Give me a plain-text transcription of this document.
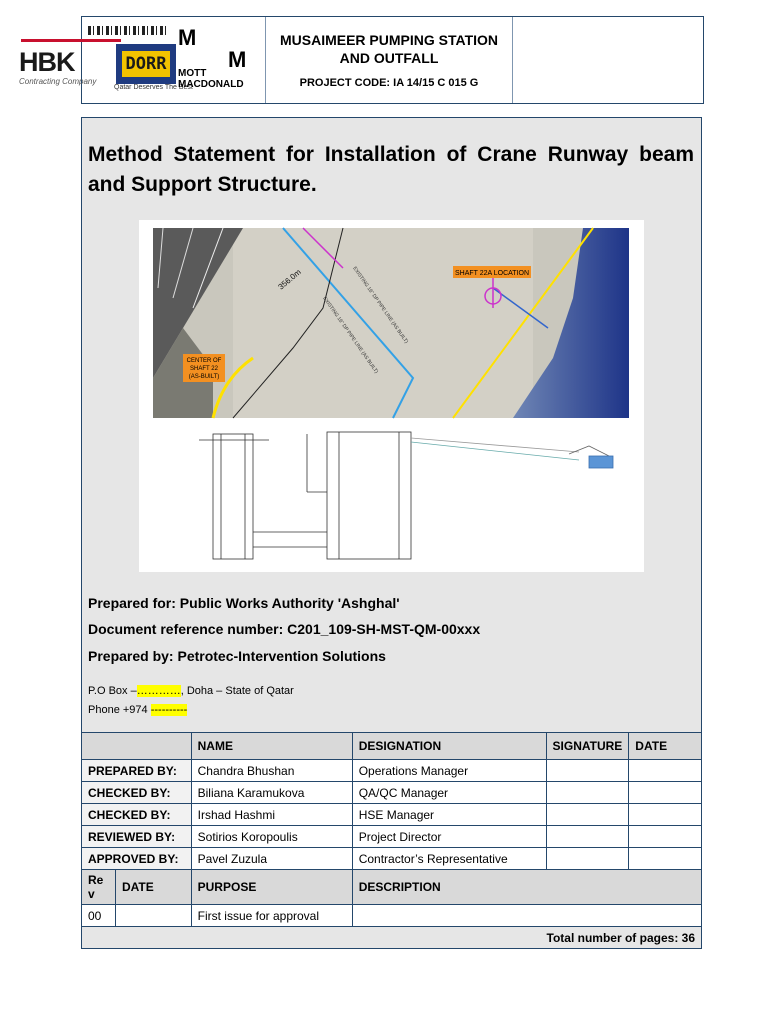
HBK
Contracting Company
DORR
Qatar Deserves The Best
M
M
MOTT MACDONALD
MUSAIMEER PUMPING STATION
AND OUTFALL
PROJECT CODE: IA 14/15 C 015 G
Method Statement for Installation of Crane Runway beam and Support Structure.
SHAFT 22A LOCATION
CENTER OF
SHAFT 22
(AS-BUILT)
356.0m	EXISTING 16" DP PIPE LINE (AS BUILT)
EXISTING 16" DP PIPE LINE (AS BUILT)
Prepared for: Public Works Authority 'Ashghal'
Document reference number: C201_109-SH-MST-QM-00xxx
Prepared by: Petrotec-Intervention Solutions
P.O Box –…………, Doha – State of Qatar
Phone +974 ----------
		NAME	DESIGNATION	SIGNATURE	DATE
PREPARED BY:		Chandra Bhushan	Operations Manager		
CHECKED BY:		Biliana Karamukova	QA/QC Manager		
CHECKED BY:		Irshad Hashmi	HSE Manager		
REVIEWED BY:		Sotirios Koropoulis	Project Director		
APPROVED BY:		Pavel Zuzula	Contractor’s Representative		
Re v	DATE	PURPOSE	DESCRIPTION		
00		First issue for approval			
Total number of pages: 36					
